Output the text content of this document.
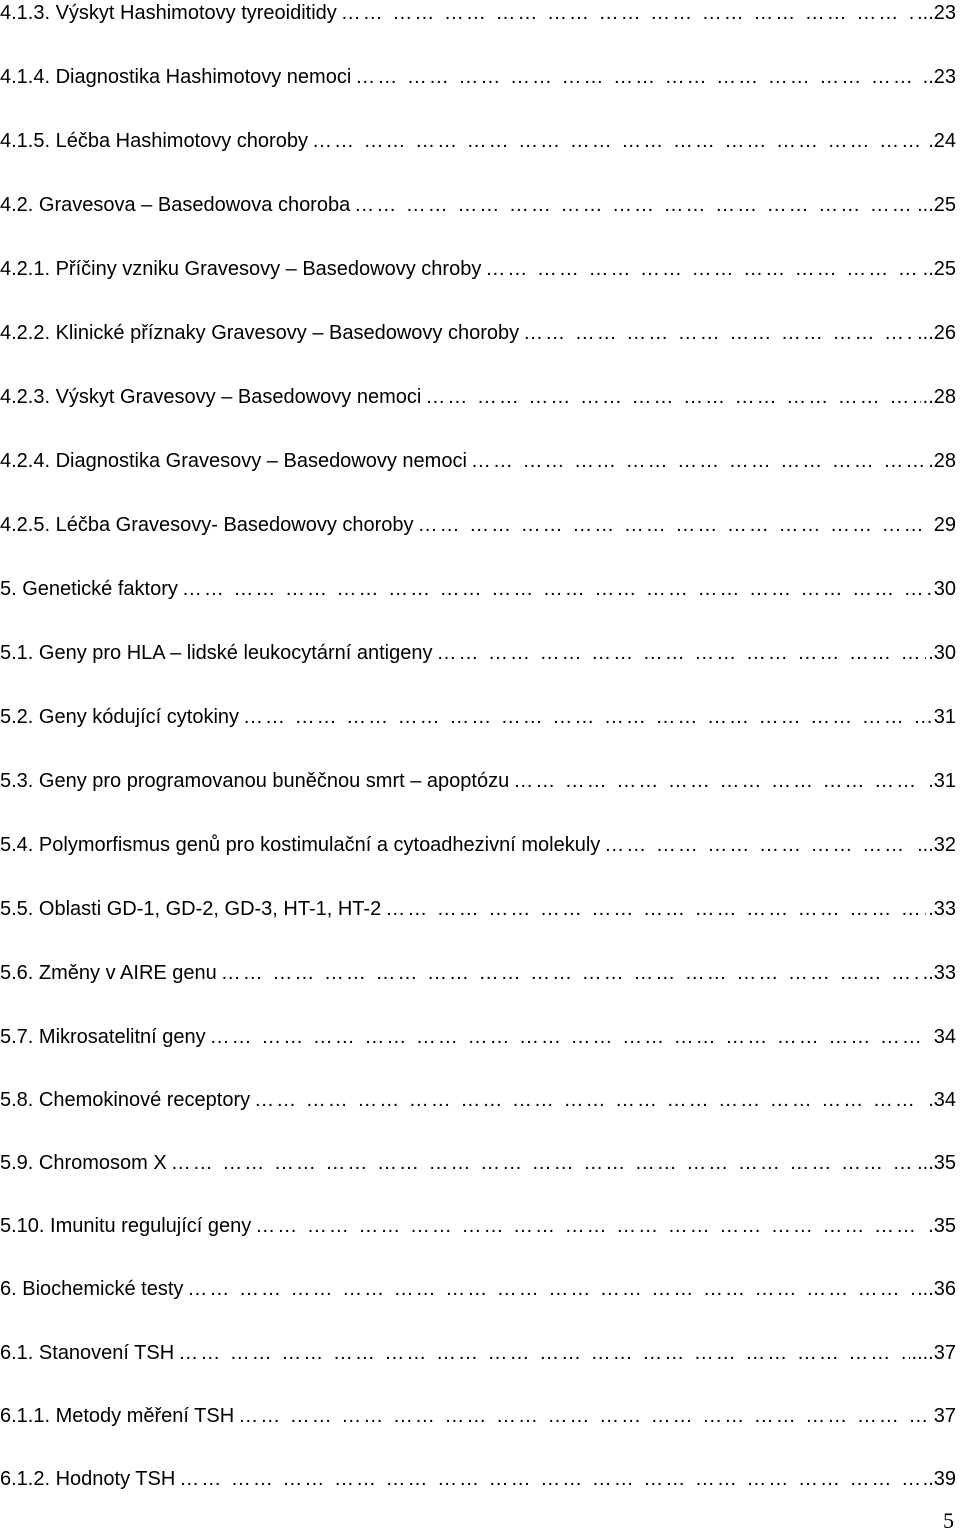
4.1.3. Výskyt Hashimotovy tyreoiditidy …… …… …… …… …… …… …… …… …… …… …… …… …… …… …… …… …… …… …… …… …… …… …… …… …… …… …… …… …… …… …… …… ……	...23
4.1.4. Diagnostika Hashimotovy nemoci …… …… …… …… …… …… …… …… …… …… …… …… …… …… …… …… …… …… …… …… …… …… …… …… …… …… …… …… …… …… …… …… ……	..23
4.1.5. Léčba Hashimotovy choroby …… …… …… …… …… …… …… …… …… …… …… …… …… …… …… …… …… …… …… …… …… …… …… …… …… …… …… …… …… …… …… …… ……	.24
4.2. Gravesova – Basedowova choroba …… …… …… …… …… …… …… …… …… …… …… …… …… …… …… …… …… …… …… …… …… …… …… …… …… …… …… …… …… …… …… …… ……	...25
4.2.1. Příčiny vzniku Gravesovy – Basedowovy chroby …… …… …… …… …… …… …… …… …… …… …… …… …… …… …… …… …… …… …… …… …… …… …… …… …… …… …… …… …… …… …… …… ……	..25
4.2.2. Klinické příznaky Gravesovy – Basedowovy choroby …… …… …… …… …… …… …… …… …… …… …… …… …… …… …… …… …… …… …… …… …… …… …… …… …… …… …… …… …… …… …… …… ……	...26
4.2.3. Výskyt Gravesovy – Basedowovy nemoci …… …… …… …… …… …… …… …… …… …… …… …… …… …… …… …… …… …… …… …… …… …… …… …… …… …… …… …… …… …… …… …… ……	..28
4.2.4. Diagnostika Gravesovy – Basedowovy nemoci …… …… …… …… …… …… …… …… …… …… …… …… …… …… …… …… …… …… …… …… …… …… …… …… …… …… …… …… …… …… …… …… ……	.28
4.2.5. Léčba Gravesovy- Basedowovy choroby …… …… …… …… …… …… …… …… …… …… …… …… …… …… …… …… …… …… …… …… …… …… …… …… …… …… …… …… …… …… …… …… ……	29
5. Genetické faktory …… …… …… …… …… …… …… …… …… …… …… …… …… …… …… …… …… …… …… …… …… …… …… …… …… …… …… …… …… …… …… …… ……	30
5.1. Geny pro HLA – lidské leukocytární antigeny …… …… …… …… …… …… …… …… …… …… …… …… …… …… …… …… …… …… …… …… …… …… …… …… …… …… …… …… …… …… …… …… ……	.30
5.2. Geny kódující cytokiny …… …… …… …… …… …… …… …… …… …… …… …… …… …… …… …… …… …… …… …… …… …… …… …… …… …… …… …… …… …… …… …… ……	31
5.3. Geny pro programovanou buněčnou smrt – apoptózu …… …… …… …… …… …… …… …… …… …… …… …… …… …… …… …… …… …… …… …… …… …… …… …… …… …… …… …… …… …… …… …… ……	.31
5.4. Polymorfismus genů pro kostimulační a cytoadhezivní molekuly …… …… …… …… …… …… …… …… …… …… …… …… …… …… …… …… …… …… …… …… …… …… …… …… …… …… …… …… …… …… …… …… ……	...32
5.5. Oblasti GD-1, GD-2, GD-3, HT-1, HT-2 …… …… …… …… …… …… …… …… …… …… …… …… …… …… …… …… …… …… …… …… …… …… …… …… …… …… …… …… …… …… …… …… ……	.33
5.6. Změny v AIRE genu …… …… …… …… …… …… …… …… …… …… …… …… …… …… …… …… …… …… …… …… …… …… …… …… …… …… …… …… …… …… …… …… ……	..33
5.7. Mikrosatelitní geny …… …… …… …… …… …… …… …… …… …… …… …… …… …… …… …… …… …… …… …… …… …… …… …… …… …… …… …… …… …… …… …… ……	34
5.8. Chemokinové receptory …… …… …… …… …… …… …… …… …… …… …… …… …… …… …… …… …… …… …… …… …… …… …… …… …… …… …… …… …… …… …… …… ……	.34
5.9. Chromosom X …… …… …… …… …… …… …… …… …… …… …… …… …… …… …… …… …… …… …… …… …… …… …… …… …… …… …… …… …… …… …… …… ……	...35
5.10. Imunitu regulující geny …… …… …… …… …… …… …… …… …… …… …… …… …… …… …… …… …… …… …… …… …… …… …… …… …… …… …… …… …… …… …… …… ……	.35
6. Biochemické testy …… …… …… …… …… …… …… …… …… …… …… …… …… …… …… …… …… …… …… …… …… …… …… …… …… …… …… …… …… …… …… …… ……	...36
6.1. Stanovení TSH …… …… …… …… …… …… …… …… …… …… …… …… …… …… …… …… …… …… …… …… …… …… …… …… …… …… …… …… …… …… …… …… ……	....37
6.1.1. Metody měření TSH …… …… …… …… …… …… …… …… …… …… …… …… …… …… …… …… …… …… …… …… …… …… …… …… …… …… …… …… …… …… …… …… ……	37
6.1.2. Hodnoty TSH …… …… …… …… …… …… …… …… …… …… …… …… …… …… …… …… …… …… …… …… …… …… …… …… …… …… …… …… …… …… …… …… ……	..39
5
